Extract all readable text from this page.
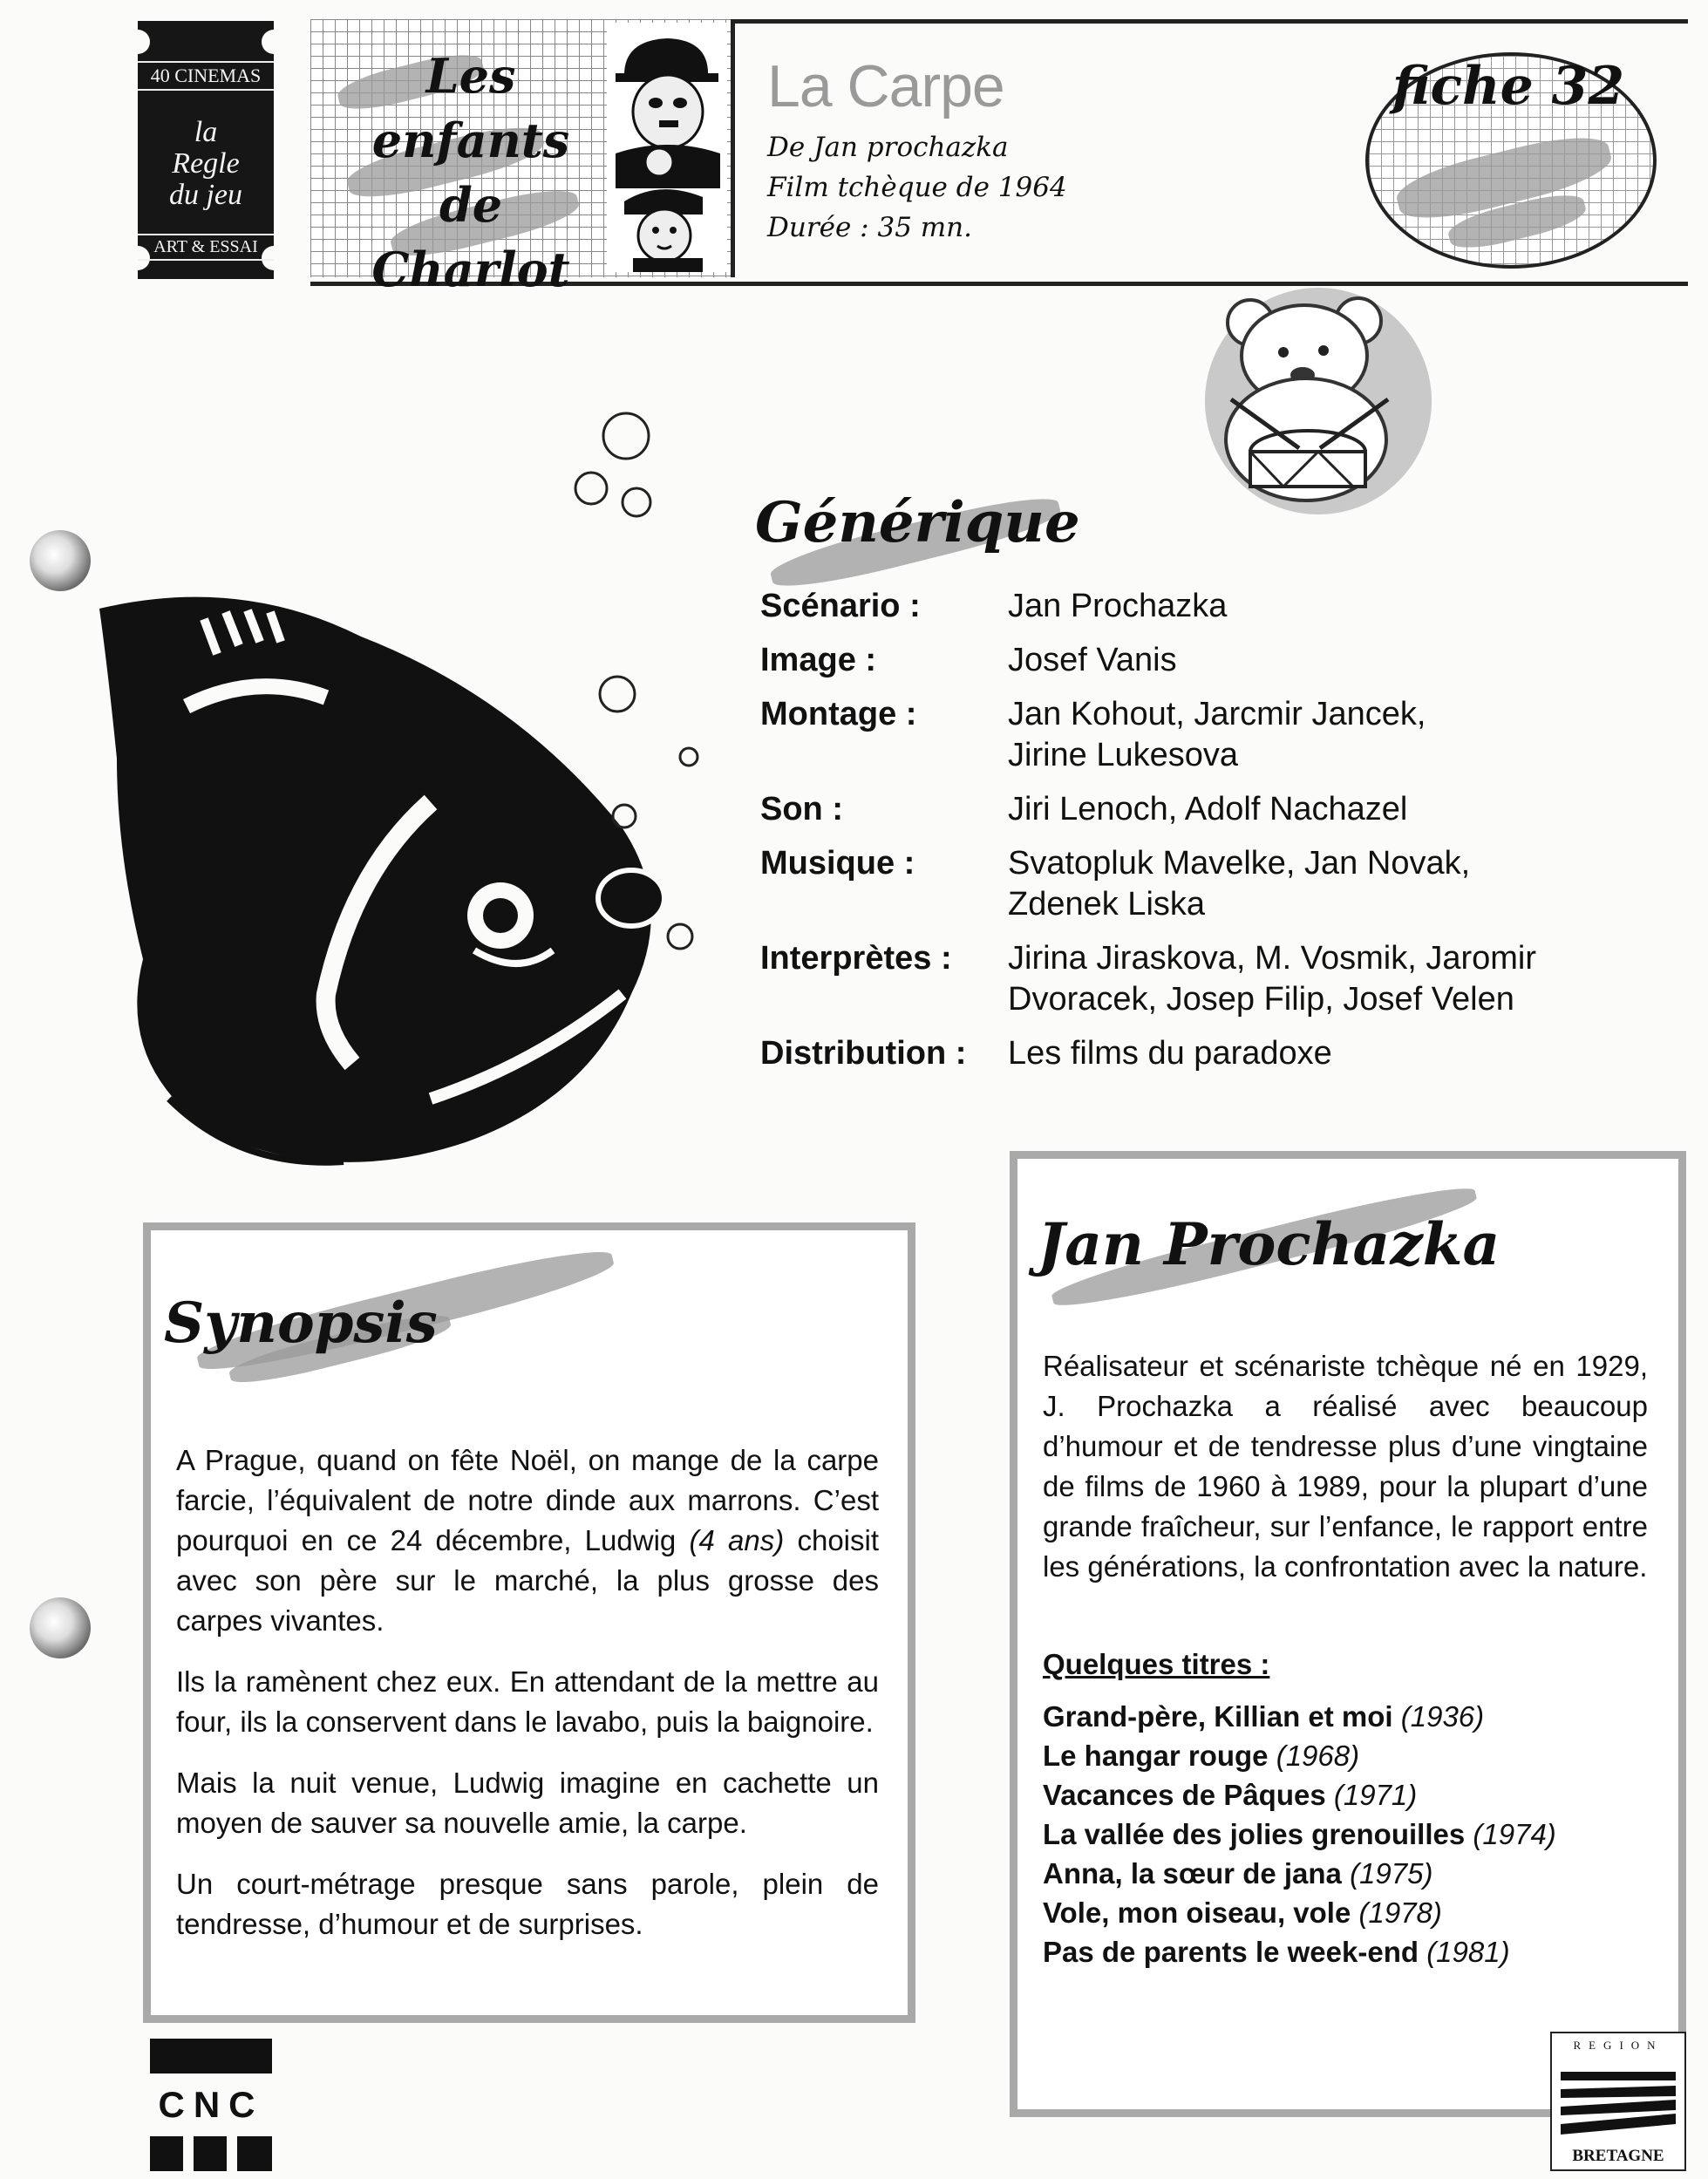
40 CINEMAS
la
Regle
du jeu
ART & ESSAI
Les enfants
de
Charlot
La Carpe
De Jan prochazka
Film tchèque de 1964
Durée : 35 mn.
fiche 32
Générique
Scénario :	Jan Prochazka
Image :	Josef Vanis
Montage :	Jan Kohout, Jarcmir Jancek, Jirine Lukesova
Son :	Jiri Lenoch, Adolf Nachazel
Musique :	Svatopluk Mavelke, Jan Novak, Zdenek Liska
Interprètes :	Jirina Jiraskova, M. Vosmik, Jaromir Dvoracek, Josep Filip, Josef Velen
Distribution :	Les films du paradoxe
Synopsis

A Prague, quand on fête Noël, on mange de la carpe farcie, l’équivalent de notre dinde aux marrons. C’est pourquoi en ce 24 décembre, Ludwig (4 ans) choisit avec son père sur le marché, la plus grosse des carpes vivantes.

Ils la ramènent chez eux. En attendant de la mettre au four, ils la conservent dans le lavabo, puis la baignoire.

Mais la nuit venue, Ludwig imagine en cachette un moyen de sauver sa nouvelle amie, la carpe.

Un court-métrage presque sans parole, plein de tendresse, d’humour et de surprises.

Jan Prochazka
Réalisateur et scénariste tchèque né en 1929, J. Prochazka a réalisé avec beaucoup d’humour et de tendresse plus d’une vingtaine de films de 1960 à 1989, pour la plupart d’une grande fraîcheur, sur l’enfance, le rapport entre les générations, la confrontation avec la nature.
Quelques titres :
Grand-père, Killian et moi (1936)
Le hangar rouge (1968)
Vacances de Pâques (1971)
La vallée des jolies grenouilles (1974)
Anna, la sœur de jana (1975)
Vole, mon oiseau, vole (1978)
Pas de parents le week-end (1981)
CNC
REGION
BRETAGNE
